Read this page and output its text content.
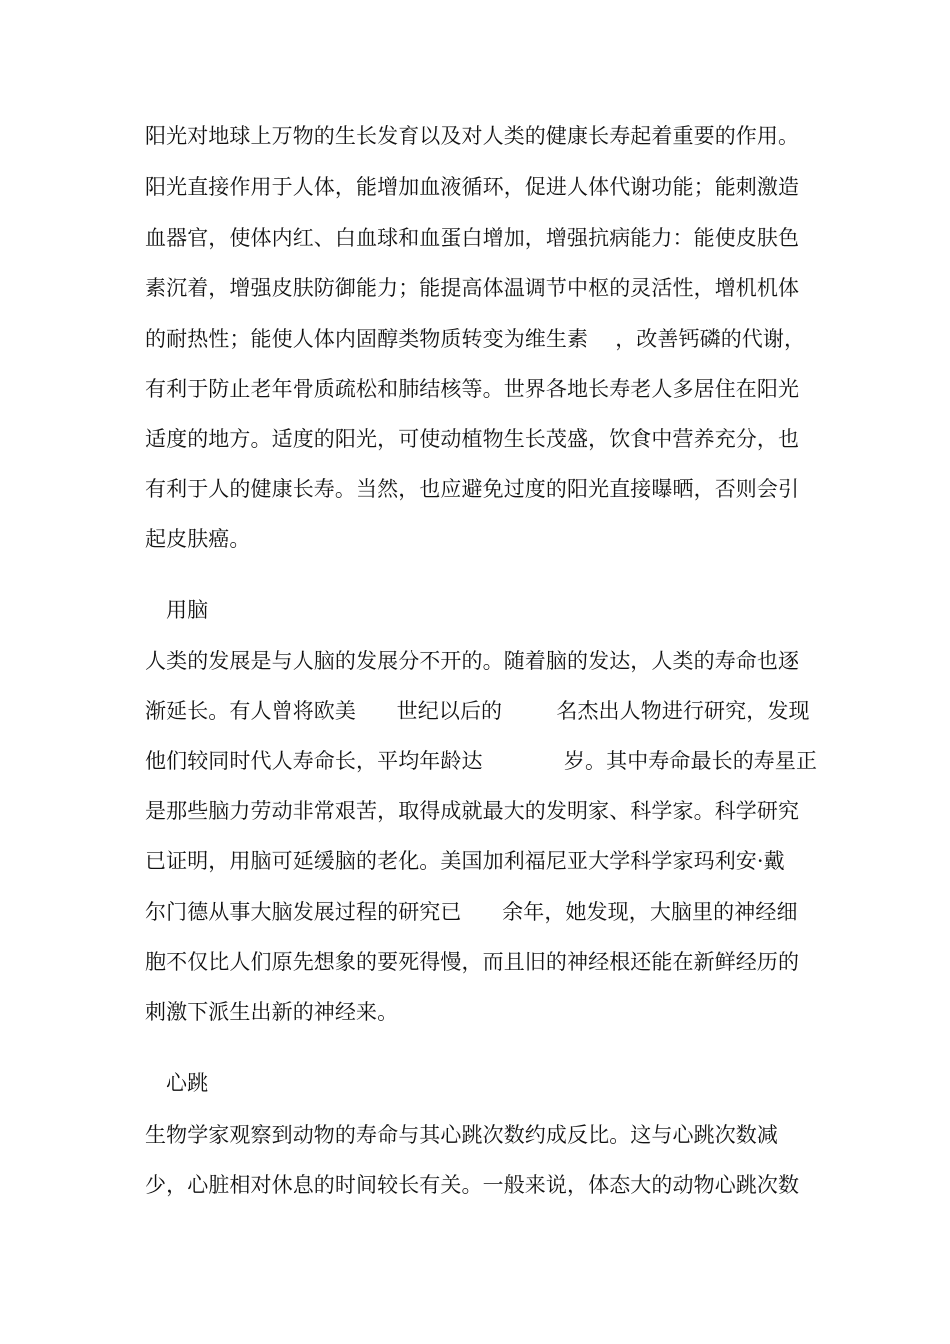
阳光对地球上万物的生长发育以及对人类的健康长寿起着重要的作用。
阳光直接作用于人体，能增加血液循环，促进人体代谢功能；能刺激造
血器官，使体内红、白血球和血蛋白增加，增强抗病能力：能使皮肤色
素沉着，增强皮肤防御能力；能提高体温调节中枢的灵活性，增机机体
的耐热性；能使人体内固醇类物质转变为维生素    ，改善钙磷的代谢，
有利于防止老年骨质疏松和肺结核等。世界各地长寿老人多居住在阳光
适度的地方。适度的阳光，可使动植物生长茂盛，饮食中营养充分，也
有利于人的健康长寿。当然，也应避免过度的阳光直接曝晒，否则会引
起皮肤癌。
用脑
人类的发展是与人脑的发展分不开的。随着脑的发达，人类的寿命也逐
渐延长。有人曾将欧美      世纪以后的        名杰出人物进行研究，发现
他们较同时代人寿命长，平均年龄达            岁。其中寿命最长的寿星正
是那些脑力劳动非常艰苦，取得成就最大的发明家、科学家。科学研究
已证明，用脑可延缓脑的老化。美国加利福尼亚大学科学家玛利安·戴
尔门德从事大脑发展过程的研究已      余年，她发现，大脑里的神经细
胞不仅比人们原先想象的要死得慢，而且旧的神经根还能在新鲜经历的
刺激下派生出新的神经来。
心跳
生物学家观察到动物的寿命与其心跳次数约成反比。这与心跳次数减
少，心脏相对休息的时间较长有关。一般来说，体态大的动物心跳次数
